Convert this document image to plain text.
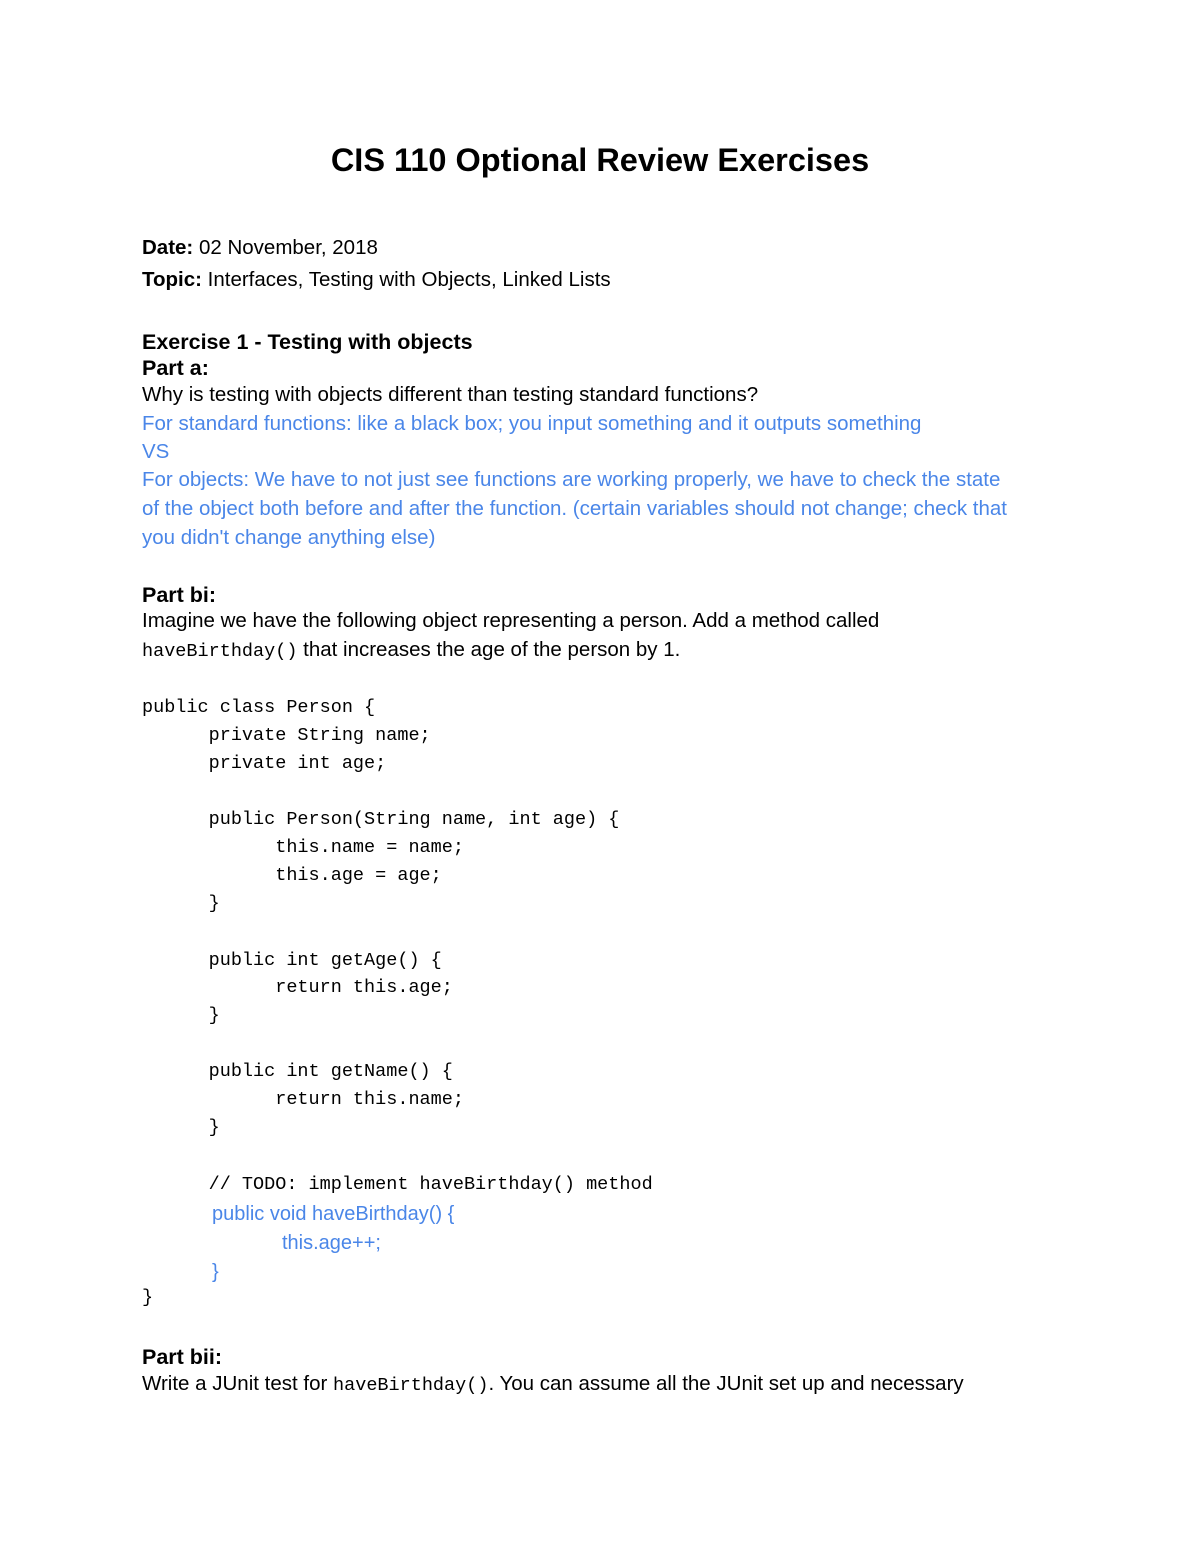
CIS 110 Optional Review Exercises

Date: 02 November, 2018

Topic: Interfaces, Testing with Objects, Linked Lists

Exercise 1 - Testing with objects

Part a:

Why is testing with objects different than testing standard functions?

For standard functions: like a black box; you input something and it outputs something

VS

For objects: We have to not just see functions are working properly, we have to check the state

of the object both before and after the function. (certain variables should not change; check that

you didn't change anything else)

Part bi:

Imagine we have the following object representing a person. Add a method called

haveBirthday() that increases the age of the person by 1.

public class Person {
private String name;
private int age;
public Person(String name, int age) {
this.name = name;
this.age = age;
}
public int getAge() {
return this.age;
}
public int getName() {
return this.name;
}
// TODO: implement haveBirthday() method
public void haveBirthday() {
this.age++;
}
}

Part bii:

Write a JUnit test for haveBirthday(). You can assume all the JUnit set up and necessary
